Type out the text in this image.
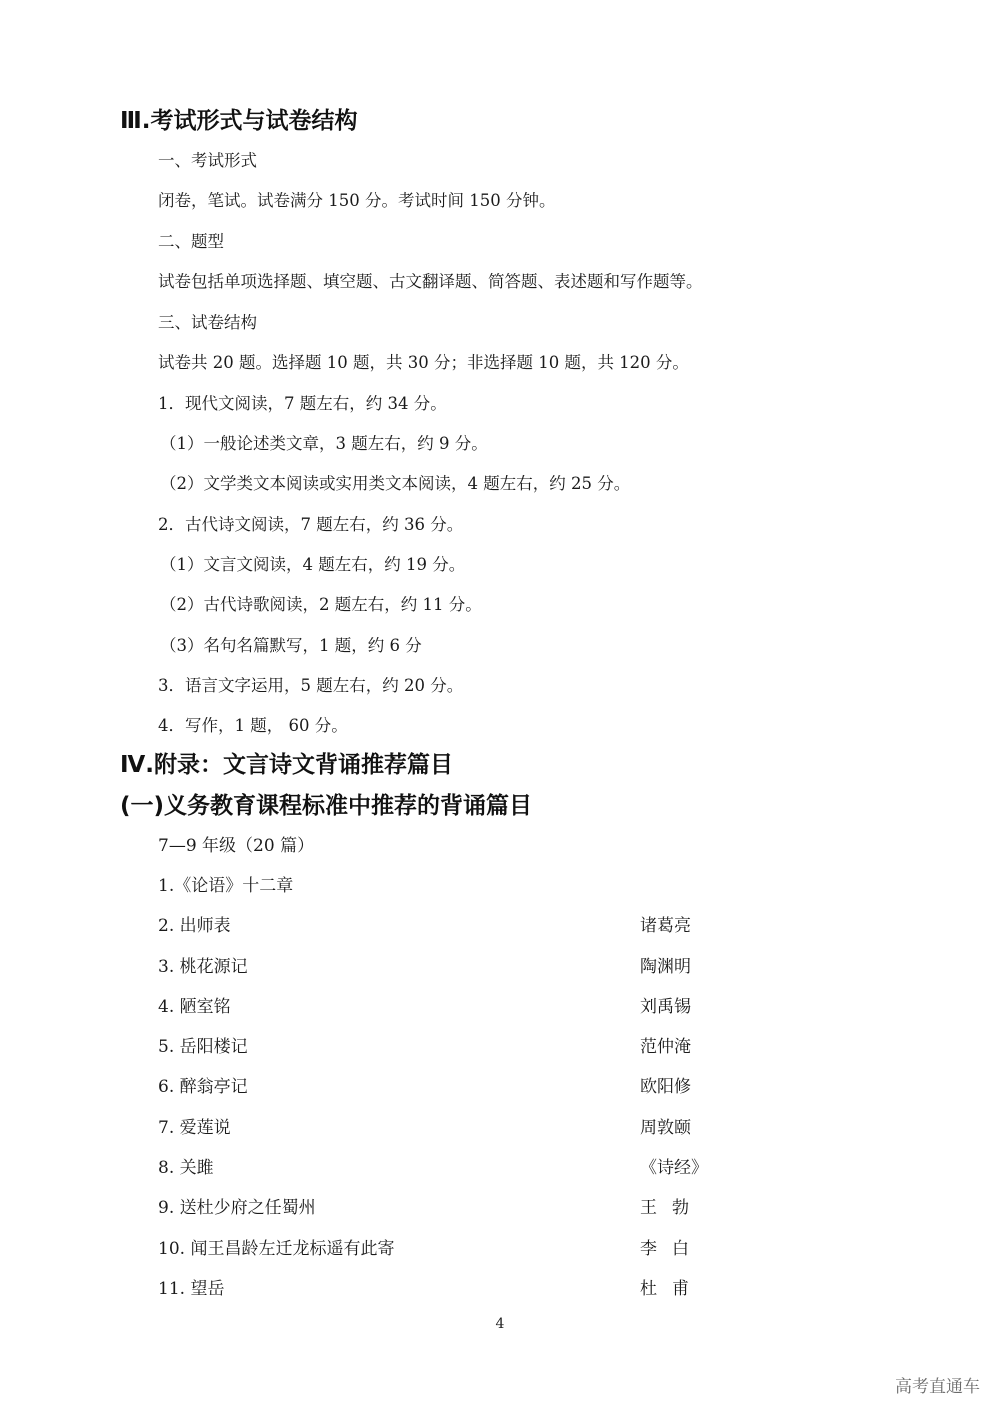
Ⅲ.考试形式与试卷结构
一、考试形式
闭卷，笔试。试卷满分 150 分。考试时间 150 分钟。
二、题型
试卷包括单项选择题、填空题、古文翻译题、简答题、表述题和写作题等。
三、试卷结构
试卷共 20 题。选择题 10 题，共 30 分；非选择题 10 题，共 120 分。
1．现代文阅读，7 题左右，约 34 分。
（1）一般论述类文章，3 题左右，约 9 分。
（2）文学类文本阅读或实用类文本阅读，4 题左右，约 25 分。
2．古代诗文阅读，7 题左右，约 36 分。
（1）文言文阅读，4 题左右，约 19 分。
（2）古代诗歌阅读，2 题左右，约 11 分。
（3）名句名篇默写，1 题，约 6 分
3．语言文字运用，5 题左右，约 20 分。
4．写作，1 题， 60 分。
Ⅳ.附录：文言诗文背诵推荐篇目
(一)义务教育课程标准中推荐的背诵篇目
7—9 年级（20 篇）
1.《论语》十二章
2. 出师表	诸葛亮
3. 桃花源记	陶渊明
4. 陋室铭	刘禹锡
5. 岳阳楼记	范仲淹
6. 醉翁亭记	欧阳修
7. 爱莲说	周敦颐
8. 关雎	《诗经》
9. 送杜少府之任蜀州	王勃
10. 闻王昌龄左迁龙标遥有此寄	李白
11. 望岳	杜甫
4
高考直通车
